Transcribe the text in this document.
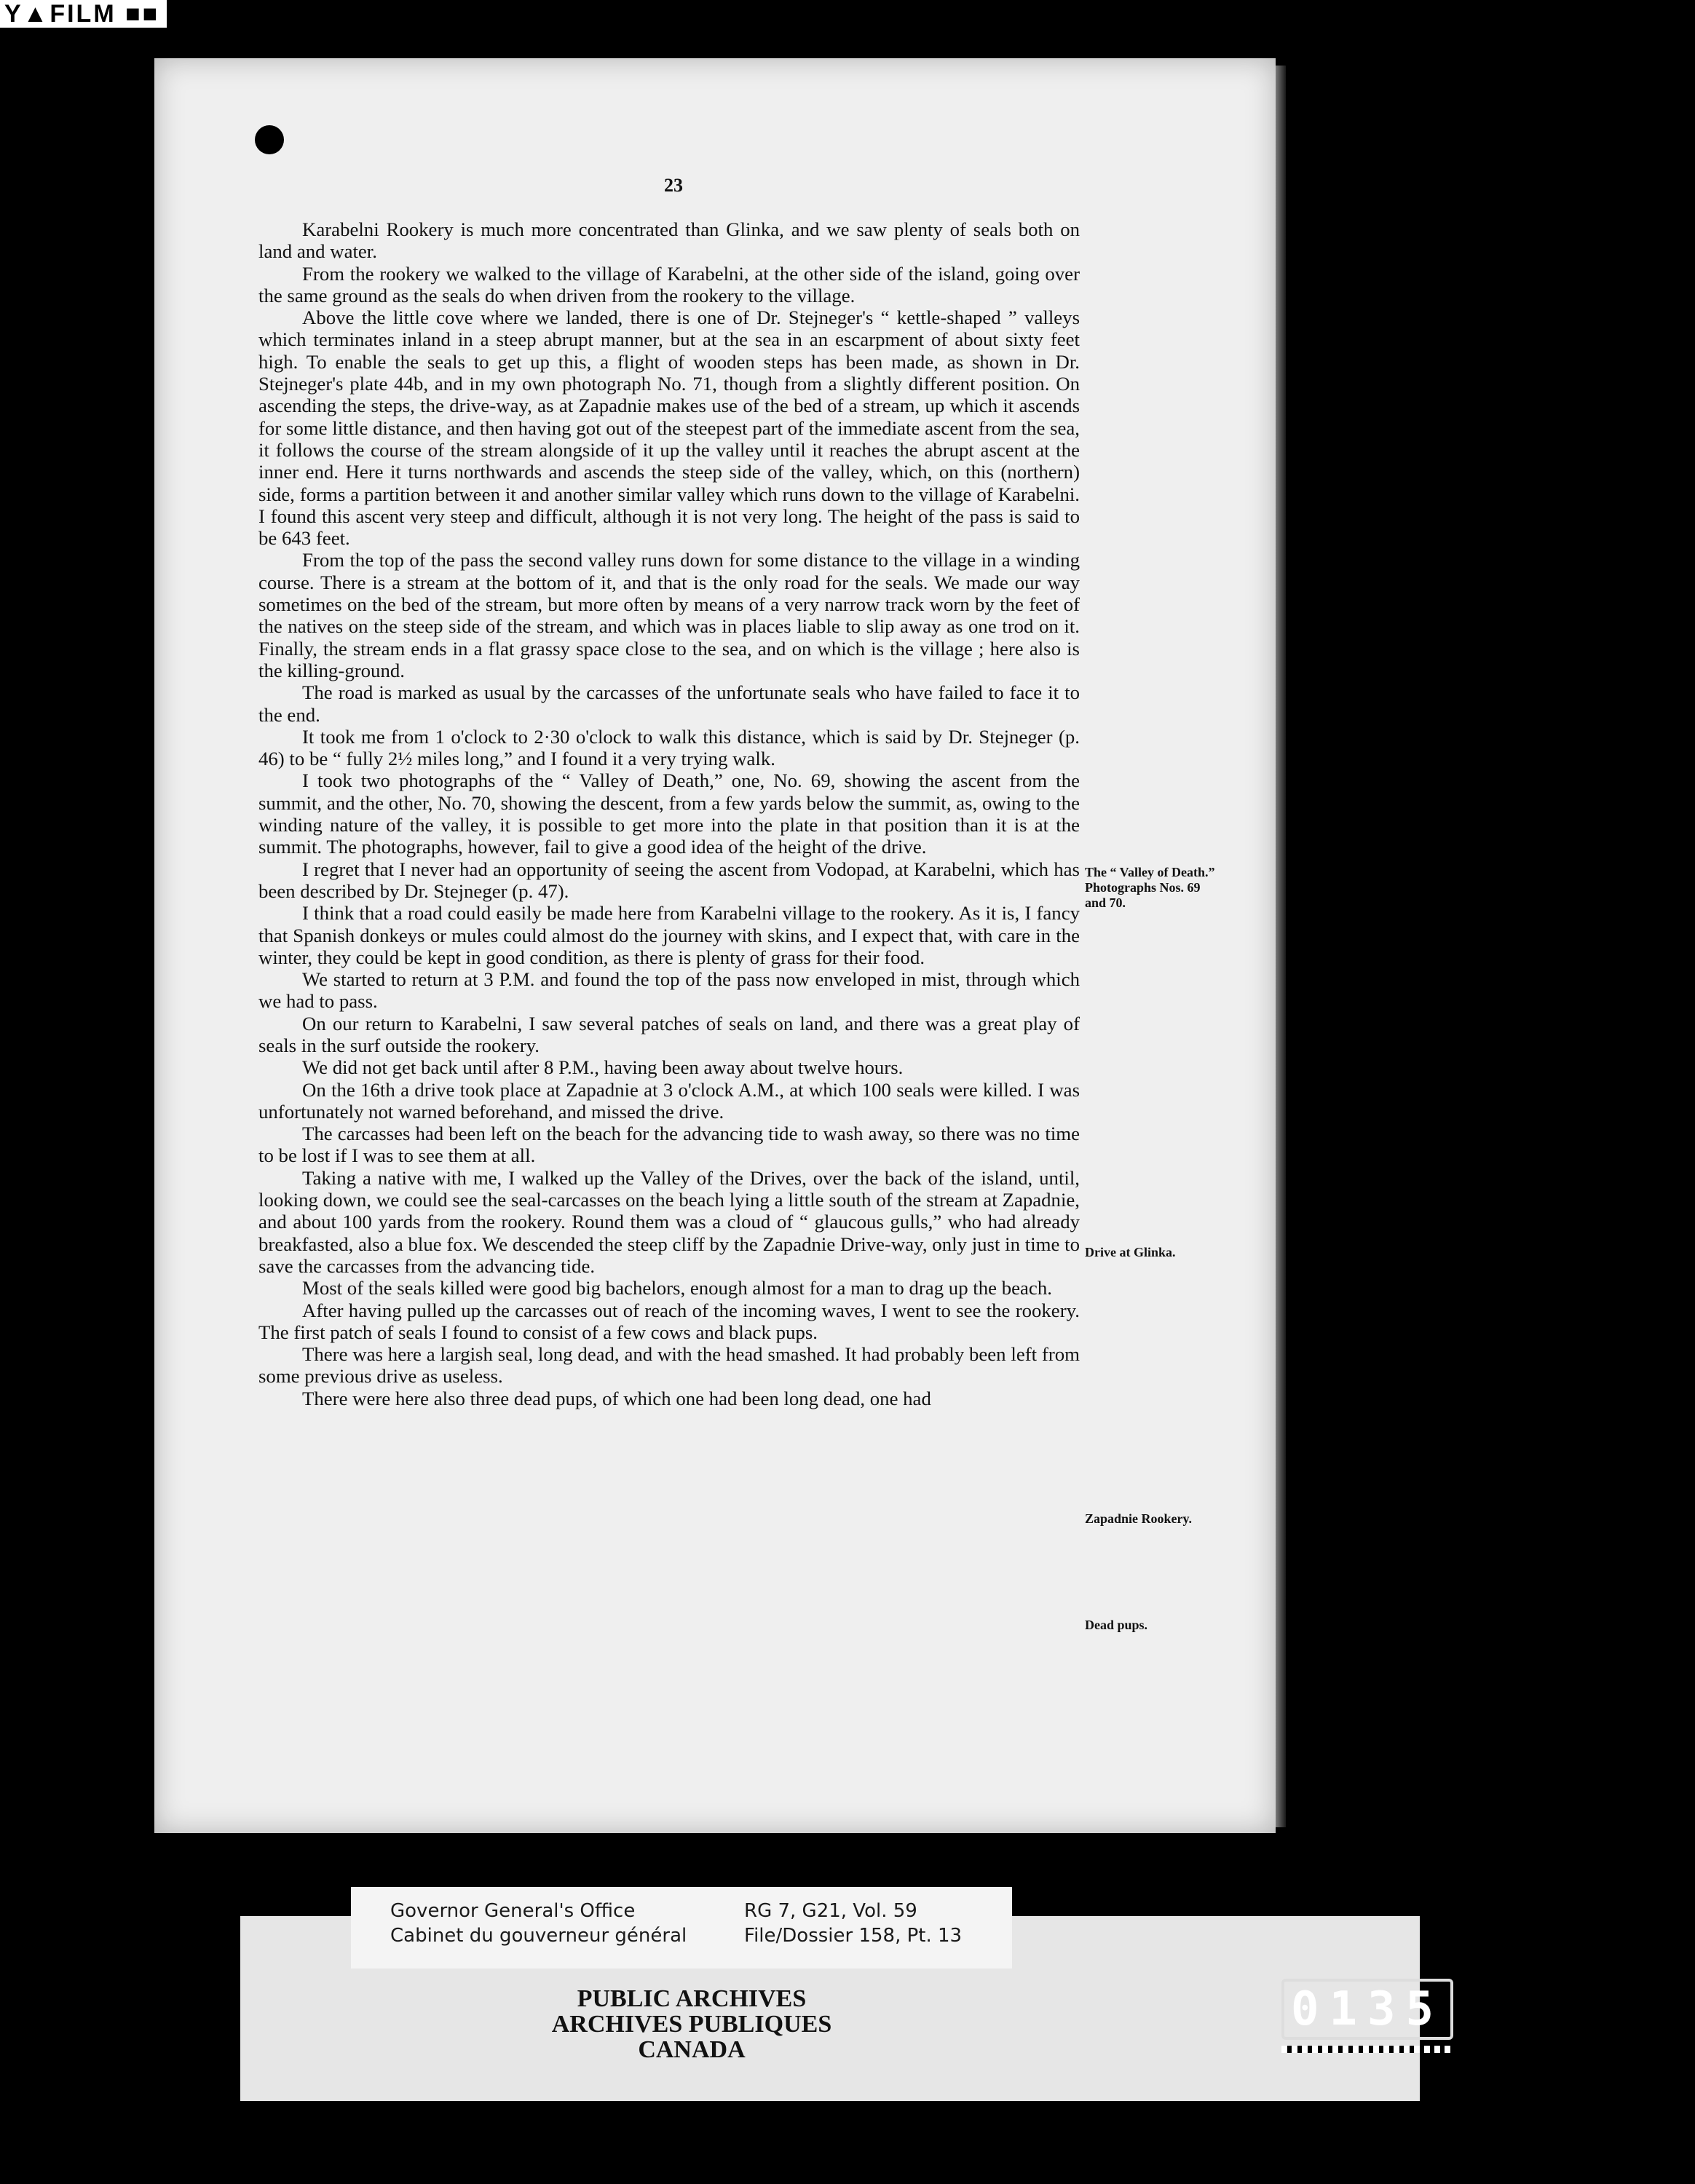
Y▲FILM ■■
23

Karabelni Rookery is much more concentrated than Glinka, and we saw plenty of seals both on land and water.

From the rookery we walked to the village of Karabelni, at the other side of the island, going over the same ground as the seals do when driven from the rookery to the village.

Above the little cove where we landed, there is one of Dr. Stejneger's “ kettle-shaped ” valleys which terminates inland in a steep abrupt manner, but at the sea in an escarpment of about sixty feet high. To enable the seals to get up this, a flight of wooden steps has been made, as shown in Dr. Stejneger's plate 44b, and in my own photograph No. 71, though from a slightly different position. On ascending the steps, the drive-way, as at Zapadnie makes use of the bed of a stream, up which it ascends for some little distance, and then having got out of the steepest part of the immediate ascent from the sea, it follows the course of the stream alongside of it up the valley until it reaches the abrupt ascent at the inner end. Here it turns northwards and ascends the steep side of the valley, which, on this (northern) side, forms a partition between it and another similar valley which runs down to the village of Karabelni. I found this ascent very steep and difficult, although it is not very long. The height of the pass is said to be 643 feet.

From the top of the pass the second valley runs down for some distance to the village in a winding course. There is a stream at the bottom of it, and that is the only road for the seals. We made our way sometimes on the bed of the stream, but more often by means of a very narrow track worn by the feet of the natives on the steep side of the stream, and which was in places liable to slip away as one trod on it. Finally, the stream ends in a flat grassy space close to the sea, and on which is the village ; here also is the killing-ground.

The road is marked as usual by the carcasses of the unfortunate seals who have failed to face it to the end.

It took me from 1 o'clock to 2·30 o'clock to walk this distance, which is said by Dr. Stejneger (p. 46) to be “ fully 2½ miles long,” and I found it a very trying walk.

I took two photographs of the “ Valley of Death,” one, No. 69, showing the ascent from the summit, and the other, No. 70, showing the descent, from a few yards below the summit, as, owing to the winding nature of the valley, it is possible to get more into the plate in that position than it is at the summit. The photographs, however, fail to give a good idea of the height of the drive.

I regret that I never had an opportunity of seeing the ascent from Vodopad, at Karabelni, which has been described by Dr. Stejneger (p. 47).

I think that a road could easily be made here from Karabelni village to the rookery. As it is, I fancy that Spanish donkeys or mules could almost do the journey with skins, and I expect that, with care in the winter, they could be kept in good condition, as there is plenty of grass for their food.

We started to return at 3 P.M. and found the top of the pass now enveloped in mist, through which we had to pass.

On our return to Karabelni, I saw several patches of seals on land, and there was a great play of seals in the surf outside the rookery.

We did not get back until after 8 P.M., having been away about twelve hours.

On the 16th a drive took place at Zapadnie at 3 o'clock A.M., at which 100 seals were killed. I was unfortunately not warned beforehand, and missed the drive.

The carcasses had been left on the beach for the advancing tide to wash away, so there was no time to be lost if I was to see them at all.

Taking a native with me, I walked up the Valley of the Drives, over the back of the island, until, looking down, we could see the seal-carcasses on the beach lying a little south of the stream at Zapadnie, and about 100 yards from the rookery. Round them was a cloud of “ glaucous gulls,” who had already breakfasted, also a blue fox. We descended the steep cliff by the Zapadnie Drive-way, only just in time to save the carcasses from the advancing tide.

Most of the seals killed were good big bachelors, enough almost for a man to drag up the beach.

After having pulled up the carcasses out of reach of the incoming waves, I went to see the rookery. The first patch of seals I found to consist of a few cows and black pups.

There was here a largish seal, long dead, and with the head smashed. It had probably been left from some previous drive as useless.

There were here also three dead pups, of which one had been long dead, one had

The “ Valley of Death.” Photographs Nos. 69 and 70.
Drive at Glinka.
Zapadnie Rookery.
Dead pups.
Governor General's Office
Cabinet du gouverneur général
RG 7, G21, Vol. 59
File/Dossier 158, Pt. 13
PUBLIC ARCHIVES
ARCHIVES PUBLIQUES
CANADA
0135
